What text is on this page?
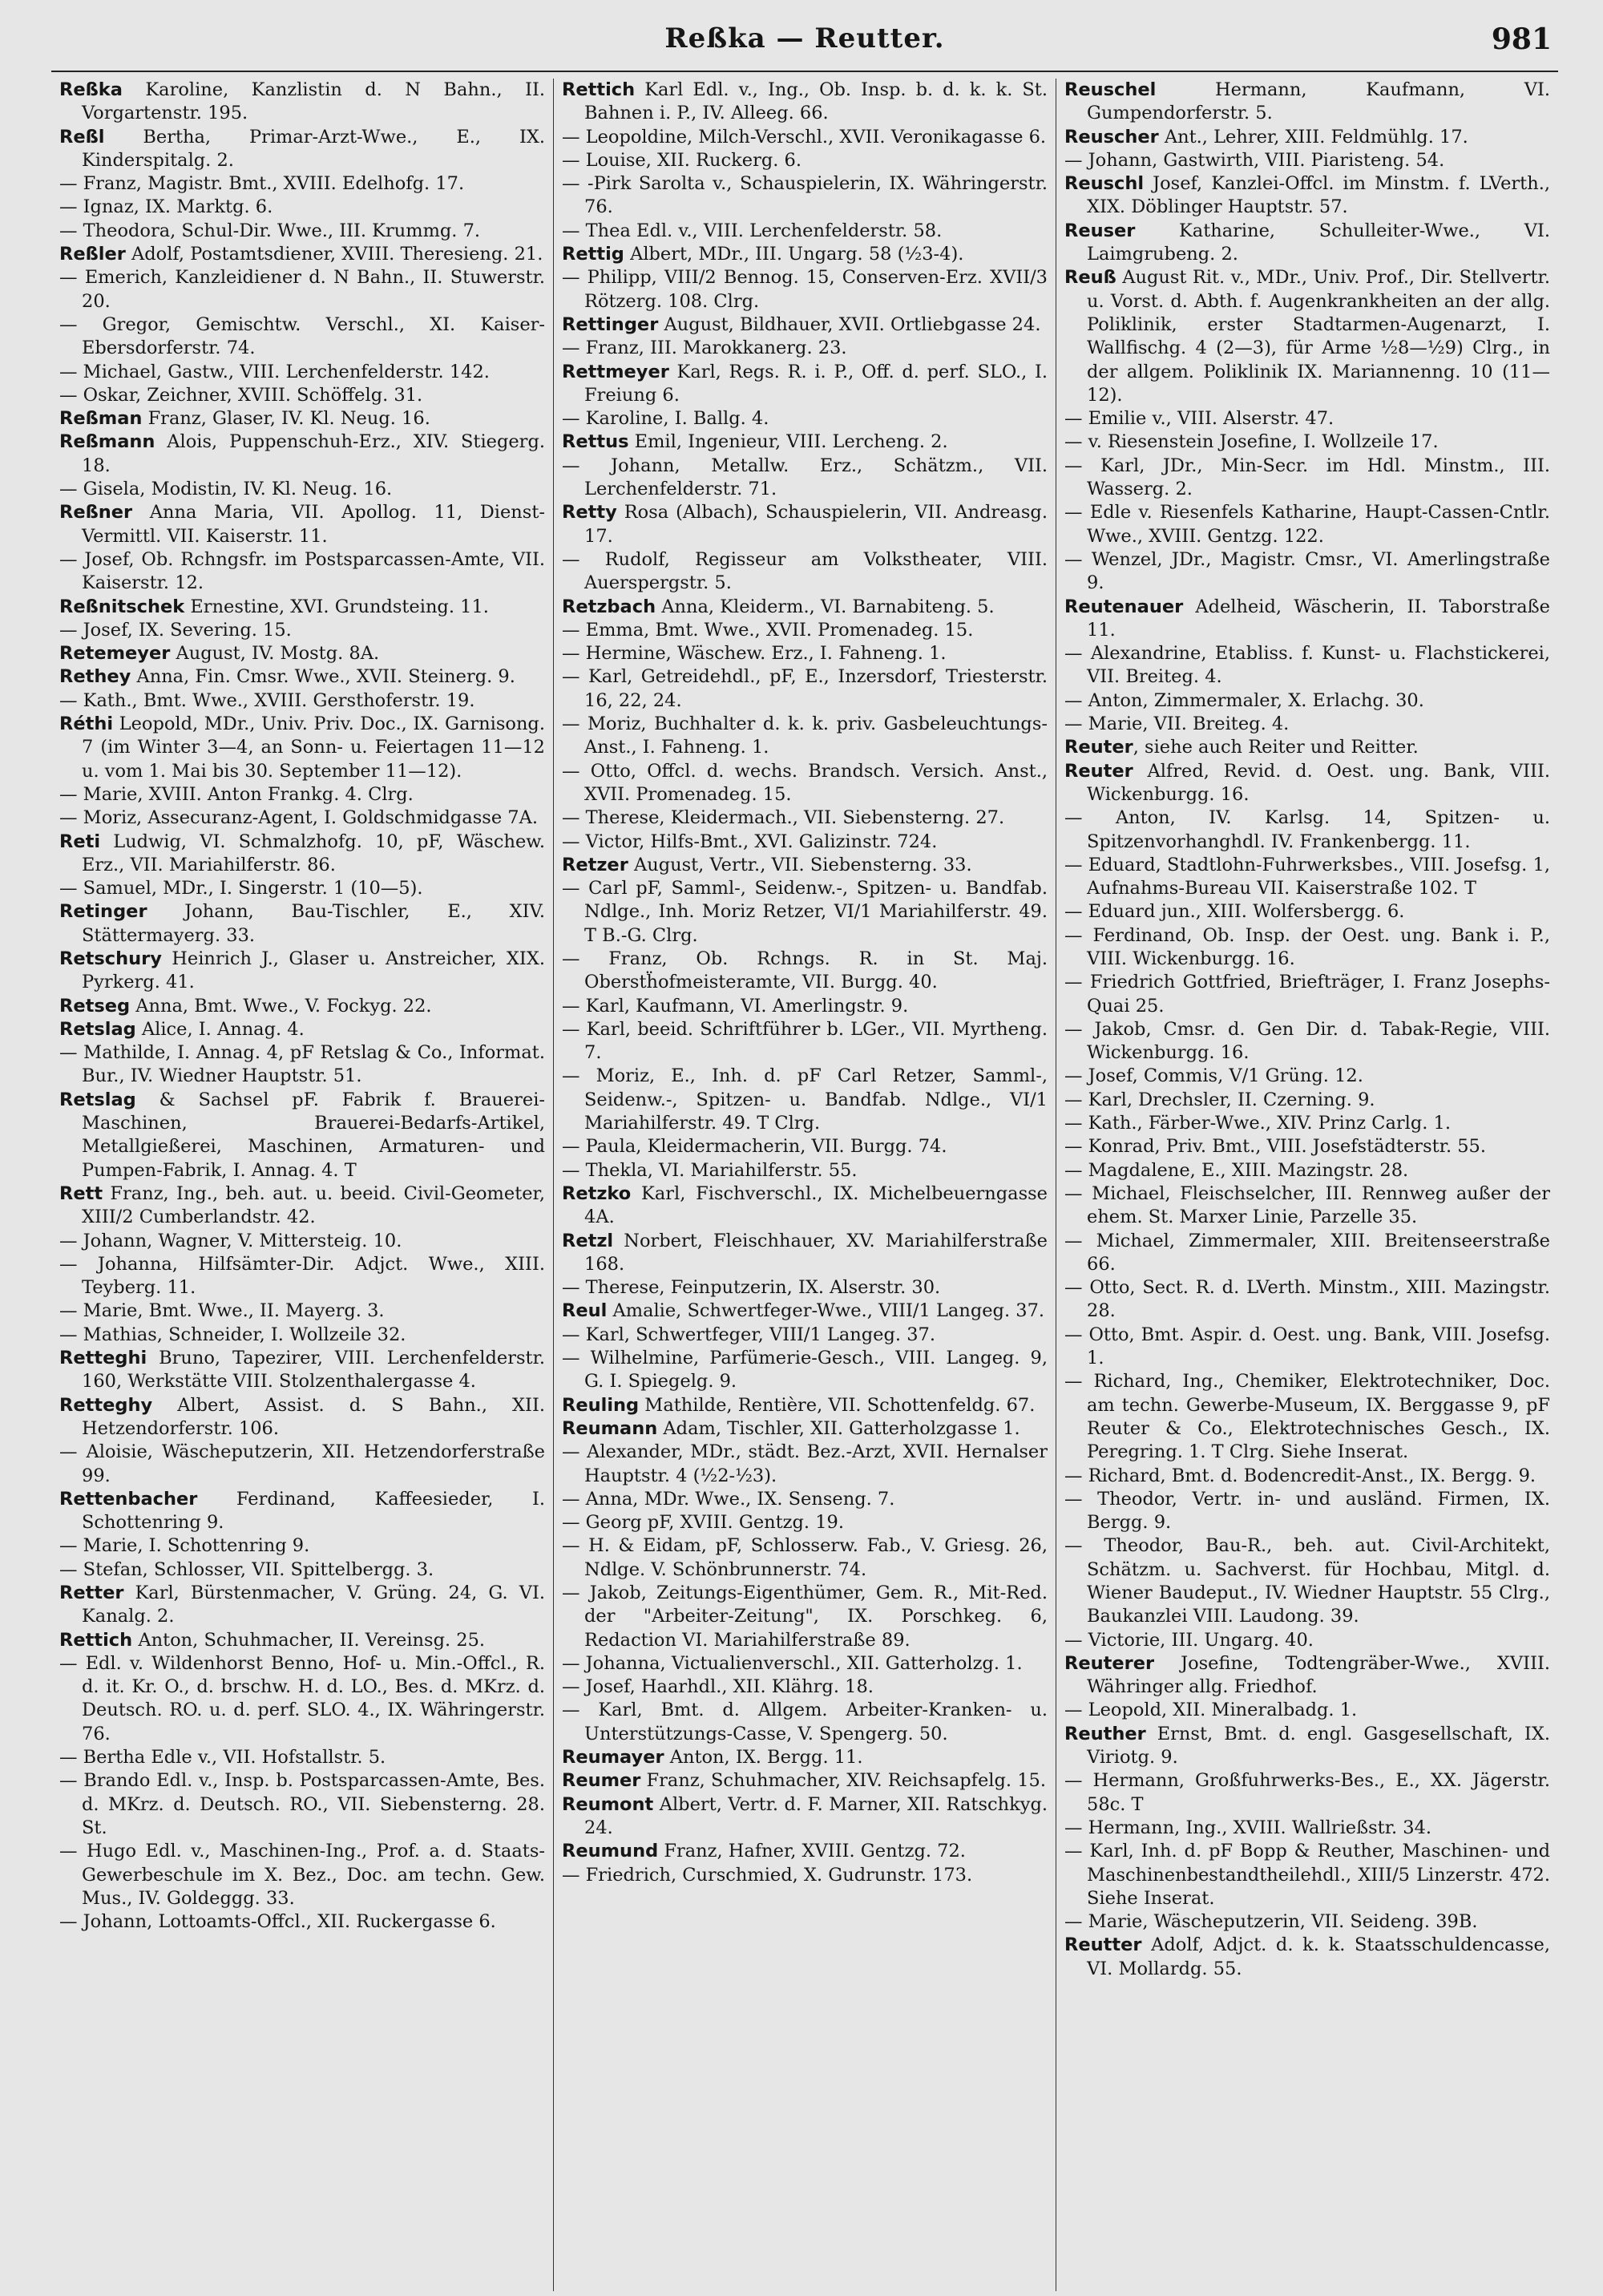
Reßka — Reutter.	981

Reßka Karoline, Kanzlistin d. N Bahn., II. Vorgartenstr. 195.

Reßl Bertha, Primar-Arzt-Wwe., E., IX. Kinderspitalg. 2.

— Franz, Magistr. Bmt., XVIII. Edelhofg. 17.

— Ignaz, IX. Marktg. 6.

— Theodora, Schul-Dir. Wwe., III. Krummg. 7.

Reßler Adolf, Postamtsdiener, XVIII. Theresieng. 21.

— Emerich, Kanzleidiener d. N Bahn., II. Stuwerstr. 20.

— Gregor, Gemischtw. Verschl., XI. Kaiser-Ebersdorferstr. 74.

— Michael, Gastw., VIII. Lerchenfelderstr. 142.

— Oskar, Zeichner, XVIII. Schöffelg. 31.

Reßman Franz, Glaser, IV. Kl. Neug. 16.

Reßmann Alois, Puppenschuh-Erz., XIV. Stiegerg. 18.

— Gisela, Modistin, IV. Kl. Neug. 16.

Reßner Anna Maria, VII. Apollog. 11, Dienst-Vermittl. VII. Kaiserstr. 11.

— Josef, Ob. Rchngsfr. im Postsparcassen-Amte, VII. Kaiserstr. 12.

Reßnitschek Ernestine, XVI. Grundsteing. 11.

— Josef, IX. Severing. 15.

Retemeyer August, IV. Mostg. 8A.

Rethey Anna, Fin. Cmsr. Wwe., XVII. Steinerg. 9.

— Kath., Bmt. Wwe., XVIII. Gersthoferstr. 19.

Réthi Leopold, MDr., Univ. Priv. Doc., IX. Garnisong. 7 (im Winter 3—4, an Sonn- u. Feiertagen 11—12 u. vom 1. Mai bis 30. September 11—12).

— Marie, XVIII. Anton Frankg. 4. Clrg.

— Moriz, Assecuranz-Agent, I. Goldschmidgasse 7A.

Reti Ludwig, VI. Schmalzhofg. 10, pF, Wäschew. Erz., VII. Mariahilferstr. 86.

— Samuel, MDr., I. Singerstr. 1 (10—5).

Retinger Johann, Bau-Tischler, E., XIV. Stättermayerg. 33.

Retschury Heinrich J., Glaser u. Anstreicher, XIX. Pyrkerg. 41.

Retseg Anna, Bmt. Wwe., V. Fockyg. 22.

Retslag Alice, I. Annag. 4.

— Mathilde, I. Annag. 4, pF Retslag & Co., Informat. Bur., IV. Wiedner Hauptstr. 51.

Retslag & Sachsel pF. Fabrik f. Brauerei-Maschinen, Brauerei-Bedarfs-Artikel, Metallgießerei, Maschinen, Armaturen- und Pumpen-Fabrik, I. Annag. 4. T

Rett Franz, Ing., beh. aut. u. beeid. Civil-Geometer, XIII/2 Cumberlandstr. 42.

— Johann, Wagner, V. Mittersteig. 10.

— Johanna, Hilfsämter-Dir. Adjct. Wwe., XIII. Teyberg. 11.

— Marie, Bmt. Wwe., II. Mayerg. 3.

— Mathias, Schneider, I. Wollzeile 32.

Retteghi Bruno, Tapezirer, VIII. Lerchenfelderstr. 160, Werkstätte VIII. Stolzenthalergasse 4.

Retteghy Albert, Assist. d. S Bahn., XII. Hetzendorferstr. 106.

— Aloisie, Wäscheputzerin, XII. Hetzendorferstraße 99.

Rettenbacher Ferdinand, Kaffeesieder, I. Schottenring 9.

— Marie, I. Schottenring 9.

— Stefan, Schlosser, VII. Spittelbergg. 3.

Retter Karl, Bürstenmacher, V. Grüng. 24, G. VI. Kanalg. 2.

Rettich Anton, Schuhmacher, II. Vereinsg. 25.

— Edl. v. Wildenhorst Benno, Hof- u. Min.-Offcl., R. d. it. Kr. O., d. brschw. H. d. LO., Bes. d. MKrz. d. Deutsch. RO. u. d. perf. SLO. 4., IX. Währingerstr. 76.

— Bertha Edle v., VII. Hofstallstr. 5.

— Brando Edl. v., Insp. b. Postsparcassen-Amte, Bes. d. MKrz. d. Deutsch. RO., VII. Siebensterng. 28. St.

— Hugo Edl. v., Maschinen-Ing., Prof. a. d. Staats-Gewerbeschule im X. Bez., Doc. am techn. Gew. Mus., IV. Goldeggg. 33.

— Johann, Lottoamts-Offcl., XII. Ruckergasse 6.

Rettich Karl Edl. v., Ing., Ob. Insp. b. d. k. k. St. Bahnen i. P., IV. Alleeg. 66.

— Leopoldine, Milch-Verschl., XVII. Veronikagasse 6.

— Louise, XII. Ruckerg. 6.

— -Pirk Sarolta v., Schauspielerin, IX. Währingerstr. 76.

— Thea Edl. v., VIII. Lerchenfelderstr. 58.

Rettig Albert, MDr., III. Ungarg. 58 (½3-4).

— Philipp, VIII/2 Bennog. 15, Conserven-Erz. XVII/3 Rötzerg. 108. Clrg.

Rettinger August, Bildhauer, XVII. Ortliebgasse 24.

— Franz, III. Marokkanerg. 23.

Rettmeyer Karl, Regs. R. i. P., Off. d. perf. SLO., I. Freiung 6.

— Karoline, I. Ballg. 4.

Rettus Emil, Ingenieur, VIII. Lercheng. 2.

— Johann, Metallw. Erz., Schätzm., VII. Lerchenfelderstr. 71.

Retty Rosa (Albach), Schauspielerin, VII. Andreasg. 17.

— Rudolf, Regisseur am Volkstheater, VIII. Auerspergstr. 5.

Retzbach Anna, Kleiderm., VI. Barnabiteng. 5.

— Emma, Bmt. Wwe., XVII. Promenadeg. 15.

— Hermine, Wäschew. Erz., I. Fahneng. 1.

— Karl, Getreidehdl., pF, E., Inzersdorf, Triesterstr. 16, 22, 24.

— Moriz, Buchhalter d. k. k. priv. Gasbeleuchtungs-Anst., I. Fahneng. 1.

— Otto, Offcl. d. wechs. Brandsch. Versich. Anst., XVII. Promenadeg. 15.

— Therese, Kleidermach., VII. Siebensterng. 27.

— Victor, Hilfs-Bmt., XVI. Galizinstr. 724.

Retzer August, Vertr., VII. Siebensterng. 33.

— Carl pF, Samml-, Seidenw.-, Spitzen- u. Bandfab. Ndlge., Inh. Moriz Retzer, VI/1 Mariahilferstr. 49. T B.-G. Clrg.

— Franz, Ob. Rchngs. R. in St. Maj. Oberstḧofmeisteramte, VII. Burgg. 40.

— Karl, Kaufmann, VI. Amerlingstr. 9.

— Karl, beeid. Schriftführer b. LGer., VII. Myrtheng. 7.

— Moriz, E., Inh. d. pF Carl Retzer, Samml-, Seidenw.-, Spitzen- u. Bandfab. Ndlge., VI/1 Mariahilferstr. 49. T Clrg.

— Paula, Kleidermacherin, VII. Burgg. 74.

— Thekla, VI. Mariahilferstr. 55.

Retzko Karl, Fischverschl., IX. Michelbeuerngasse 4A.

Retzl Norbert, Fleischhauer, XV. Mariahilferstraße 168.

— Therese, Feinputzerin, IX. Alserstr. 30.

Reul Amalie, Schwertfeger-Wwe., VIII/1 Langeg. 37.

— Karl, Schwertfeger, VIII/1 Langeg. 37.

— Wilhelmine, Parfümerie-Gesch., VIII. Langeg. 9, G. I. Spiegelg. 9.

Reuling Mathilde, Rentière, VII. Schottenfeldg. 67.

Reumann Adam, Tischler, XII. Gatterholzgasse 1.

— Alexander, MDr., städt. Bez.-Arzt, XVII. Hernalser Hauptstr. 4 (½2-½3).

— Anna, MDr. Wwe., IX. Senseng. 7.

— Georg pF, XVIII. Gentzg. 19.

— H. & Eidam, pF, Schlosserw. Fab., V. Griesg. 26, Ndlge. V. Schönbrunnerstr. 74.

— Jakob, Zeitungs-Eigenthümer, Gem. R., Mit-Red. der "Arbeiter-Zeitung", IX. Porschkeg. 6, Redaction VI. Mariahilferstraße 89.

— Johanna, Victualienverschl., XII. Gatterholzg. 1.

— Josef, Haarhdl., XII. Klährg. 18.

— Karl, Bmt. d. Allgem. Arbeiter-Kranken- u. Unterstützungs-Casse, V. Spengerg. 50.

Reumayer Anton, IX. Bergg. 11.

Reumer Franz, Schuhmacher, XIV. Reichsapfelg. 15.

Reumont Albert, Vertr. d. F. Marner, XII. Ratschkyg. 24.

Reumund Franz, Hafner, XVIII. Gentzg. 72.

— Friedrich, Curschmied, X. Gudrunstr. 173.

Reuschel Hermann, Kaufmann, VI. Gumpendorferstr. 5.

Reuscher Ant., Lehrer, XIII. Feldmühlg. 17.

— Johann, Gastwirth, VIII. Piaristeng. 54.

Reuschl Josef, Kanzlei-Offcl. im Minstm. f. LVerth., XIX. Döblinger Hauptstr. 57.

Reuser Katharine, Schulleiter-Wwe., VI. Laimgrubeng. 2.

Reuß August Rit. v., MDr., Univ. Prof., Dir. Stellvertr. u. Vorst. d. Abth. f. Augenkrankheiten an der allg. Poliklinik, erster Stadtarmen-Augenarzt, I. Wallfischg. 4 (2—3), für Arme ½8—½9) Clrg., in der allgem. Poliklinik IX. Mariannenng. 10 (11—12).

— Emilie v., VIII. Alserstr. 47.

— v. Riesenstein Josefine, I. Wollzeile 17.

— Karl, JDr., Min-Secr. im Hdl. Minstm., III. Wasserg. 2.

— Edle v. Riesenfels Katharine, Haupt-Cassen-Cntlr. Wwe., XVIII. Gentzg. 122.

— Wenzel, JDr., Magistr. Cmsr., VI. Amerlingstraße 9.

Reutenauer Adelheid, Wäscherin, II. Taborstraße 11.

— Alexandrine, Etabliss. f. Kunst- u. Flachstickerei, VII. Breiteg. 4.

— Anton, Zimmermaler, X. Erlachg. 30.

— Marie, VII. Breiteg. 4.

Reuter, siehe auch Reiter und Reitter.

Reuter Alfred, Revid. d. Oest. ung. Bank, VIII. Wickenburgg. 16.

— Anton, IV. Karlsg. 14, Spitzen- u. Spitzenvorhanghdl. IV. Frankenbergg. 11.

— Eduard, Stadtlohn-Fuhrwerksbes., VIII. Josefsg. 1, Aufnahms-Bureau VII. Kaiserstraße 102. T

— Eduard jun., XIII. Wolfersbergg. 6.

— Ferdinand, Ob. Insp. der Oest. ung. Bank i. P., VIII. Wickenburgg. 16.

— Friedrich Gottfried, Briefträger, I. Franz Josephs-Quai 25.

— Jakob, Cmsr. d. Gen Dir. d. Tabak-Regie, VIII. Wickenburgg. 16.

— Josef, Commis, V/1 Grüng. 12.

— Karl, Drechsler, II. Czerning. 9.

— Kath., Färber-Wwe., XIV. Prinz Carlg. 1.

— Konrad, Priv. Bmt., VIII. Josefstädterstr. 55.

— Magdalene, E., XIII. Mazingstr. 28.

— Michael, Fleischselcher, III. Rennweg außer der ehem. St. Marxer Linie, Parzelle 35.

— Michael, Zimmermaler, XIII. Breitenseerstraße 66.

— Otto, Sect. R. d. LVerth. Minstm., XIII. Mazingstr. 28.

— Otto, Bmt. Aspir. d. Oest. ung. Bank, VIII. Josefsg. 1.

— Richard, Ing., Chemiker, Elektrotechniker, Doc. am techn. Gewerbe-Museum, IX. Berggasse 9, pF Reuter & Co., Elektrotechnisches Gesch., IX. Peregring. 1. T Clrg. Siehe Inserat.

— Richard, Bmt. d. Bodencredit-Anst., IX. Bergg. 9.

— Theodor, Vertr. in- und ausländ. Firmen, IX. Bergg. 9.

— Theodor, Bau-R., beh. aut. Civil-Architekt, Schätzm. u. Sachverst. für Hochbau, Mitgl. d. Wiener Baudeput., IV. Wiedner Hauptstr. 55 Clrg., Baukanzlei VIII. Laudong. 39.

— Victorie, III. Ungarg. 40.

Reuterer Josefine, Todtengräber-Wwe., XVIII. Währinger allg. Friedhof.

— Leopold, XII. Mineralbadg. 1.

Reuther Ernst, Bmt. d. engl. Gasgesellschaft, IX. Viriotg. 9.

— Hermann, Großfuhrwerks-Bes., E., XX. Jägerstr. 58c. T

— Hermann, Ing., XVIII. Wallrießstr. 34.

— Karl, Inh. d. pF Bopp & Reuther, Maschinen- und Maschinenbestandtheilehdl., XIII/5 Linzerstr. 472. Siehe Inserat.

— Marie, Wäscheputzerin, VII. Seideng. 39B.

Reutter Adolf, Adjct. d. k. k. Staatsschuldencasse, VI. Mollardg. 55.
